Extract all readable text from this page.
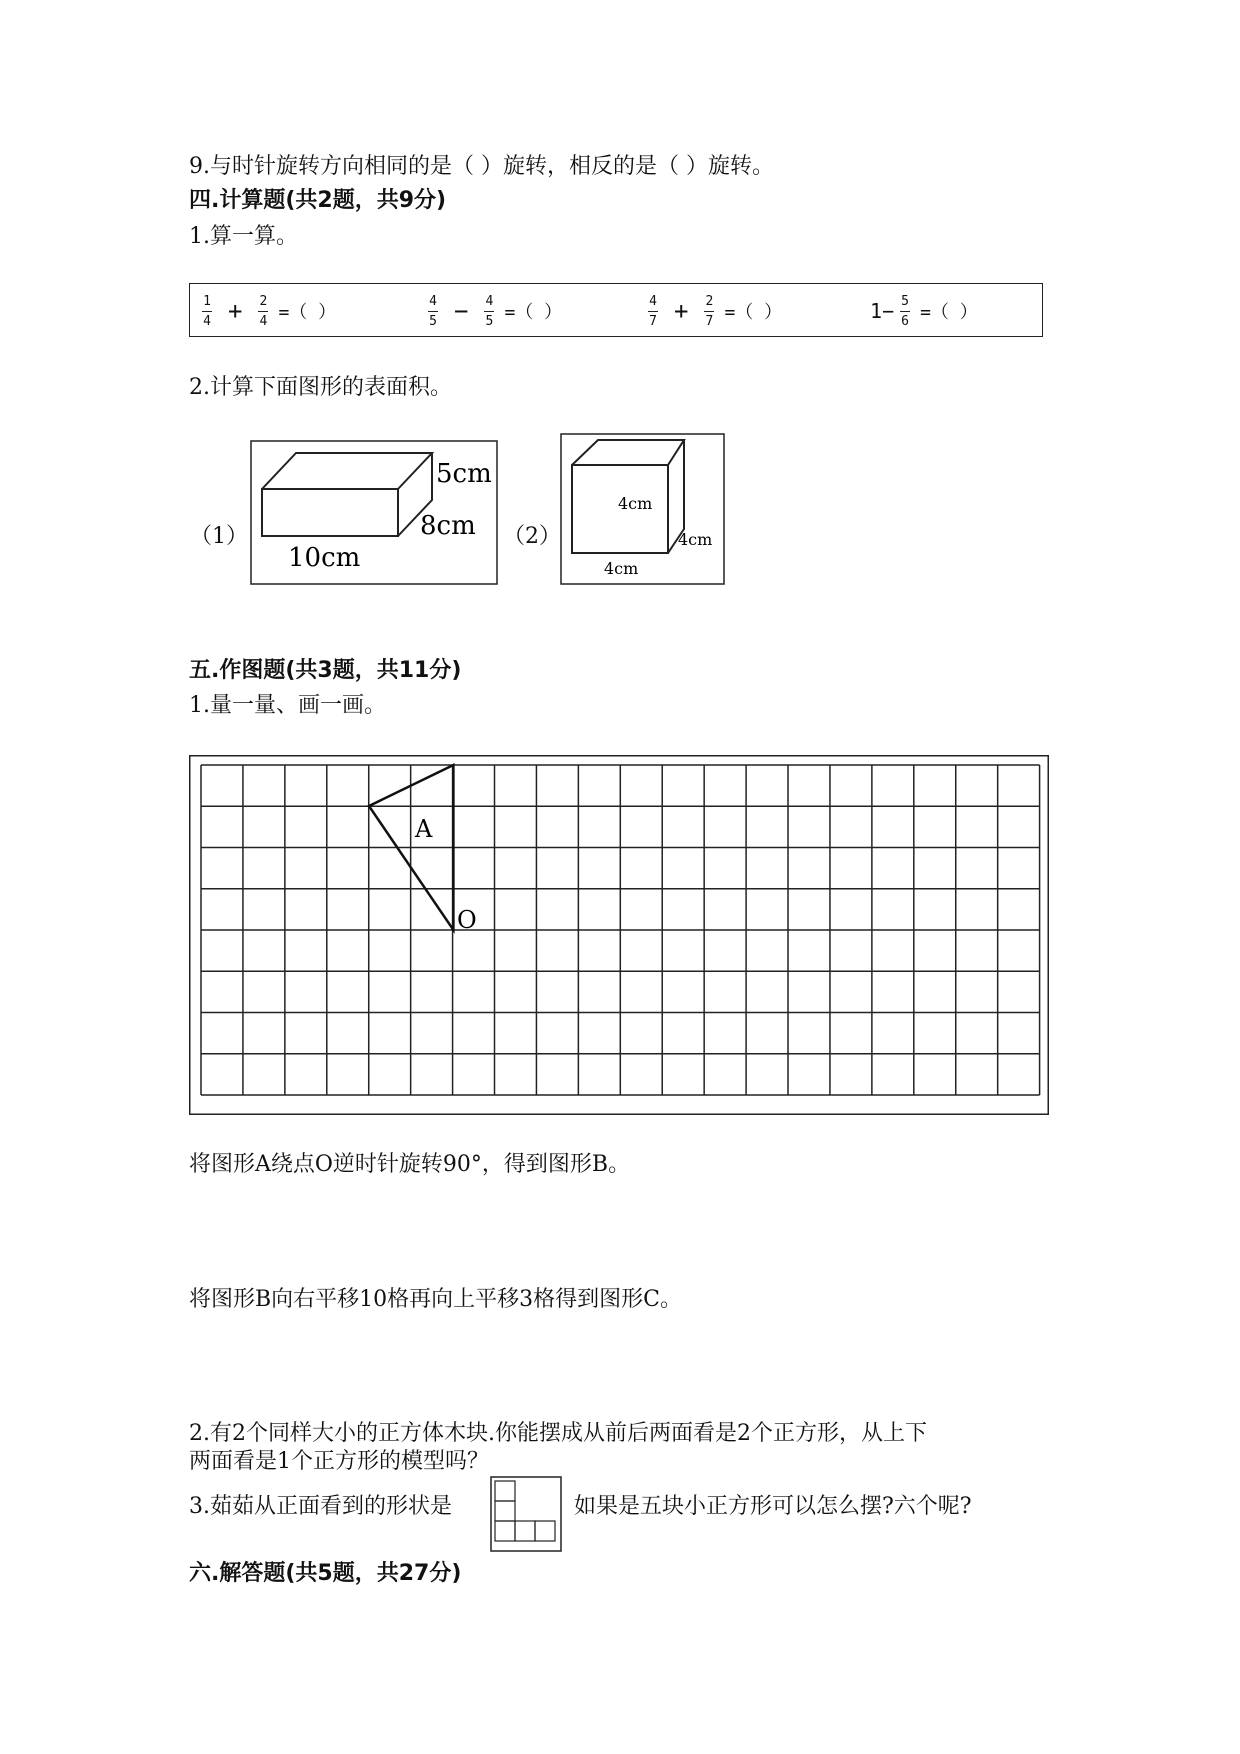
9.与时针旋转方向相同的是（ ）旋转，相反的是（ ）旋转。
四.计算题(共2题，共9分)
1.算一算。
$\frac{1}{4} + \frac{2}{4}$ =（ ）	$\frac{4}{5} - \frac{4}{5}$ =（ ）	$\frac{4}{7} + \frac{2}{7}$ =（ ）	$1- \frac{5}{6}$ =（ ）
2.计算下面图形的表面积。
（1）	（2）
5cm
8cm
10cm
4cm
4cm
4cm
五.作图题(共3题，共11分)
1.量一量、画一画。
A
O
将图形A绕点O逆时针旋转90°，得到图形B。
将图形B向右平移10格再向上平移3格得到图形C。
2.有2个同样大小的正方体木块.你能摆成从前后两面看是2个正方形，从上下
两面看是1个正方形的模型吗？
3.茹茹从正面看到的形状是	如果是五块小正方形可以怎么摆?六个呢?
六.解答题(共5题，共27分)
